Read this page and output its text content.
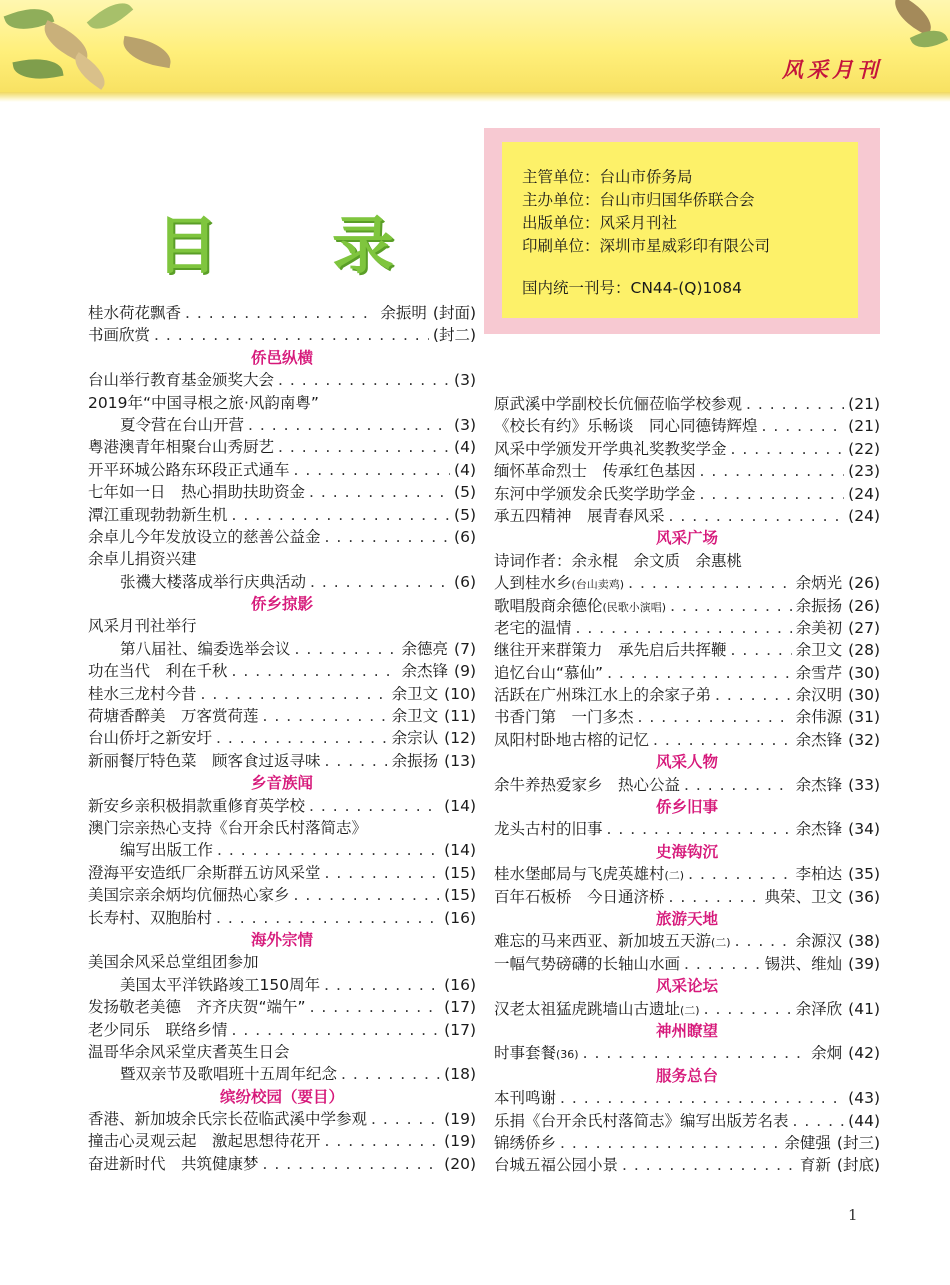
风采月刊
目 录
主管单位：台山市侨务局
主办单位：台山市归国华侨联合会
出版单位：风采月刊社
印刷单位：深圳市星威彩印有限公司
国内统一刊号：CN44-(Q)1084
桂水荷花飘香 . . .	余振明 (封面)
书画欣赏 . . .	(封二)
侨邑纵横
台山举行教育基金颁奖大会 . . .	(3)
2019年“中国寻根之旅·风韵南粤”
夏令营在台山开营 . . .	(3)
粤港澳青年相聚台山秀厨艺 . . .	(4)
开平环城公路东环段正式通车 . . .	(4)
七年如一日　热心捐助扶助资金 . . .	(5)
潭江重现勃勃新生机 . . .	(5)
余卓儿今年发放设立的慈善公益金 . . .	(6)
余卓儿捐资兴建
张禨大楼落成举行庆典活动 . . .	(6)
侨乡掠影
风采月刊社举行
第八届社、编委选举会议 . . .	余德亮 (7)
功在当代　利在千秋 . . .	余杰锋 (9)
桂水三龙村今昔 . . .	余卫文 (10)
荷塘香醉美　万客赏荷莲 . . .	余卫文 (11)
台山侨圩之新安圩 . . .	余宗认 (12)
新丽餐厅特色菜　顾客食过返寻味 . . .	余振扬 (13)
乡音族闻
新安乡亲积极捐款重修育英学校 . . .	(14)
澳门宗亲热心支持《台开余氏村落简志》
编写出版工作 . . .	(14)
澄海平安造纸厂余斯群五访风采堂 . . .	(15)
美国宗亲余炳均伉俪热心家乡 . . .	(15)
长寿村、双胞胎村 . . .	(16)
海外宗情
美国余风采总堂组团参加
美国太平洋铁路竣工150周年 . . .	(16)
发扬敬老美德　齐齐庆贺“端午” . . .	(17)
老少同乐　联络乡情 . . .	(17)
温哥华余风采堂庆耆英生日会
暨双亲节及歌唱班十五周年纪念 . . .	(18)
缤纷校园（要目）
香港、新加坡余氏宗长莅临武溪中学参观 . . .	(19)
撞击心灵观云起　激起思想待花开 . . .	(19)
奋进新时代　共筑健康梦 . . .	(20)
原武溪中学副校长伉俪莅临学校参观 . . .	(21)
《校长有约》乐畅谈　同心同德铸辉煌 . . .	(21)
风采中学颁发开学典礼奖教奖学金 . . .	(22)
缅怀革命烈士　传承红色基因 . . .	(23)
东河中学颁发余氏奖学助学金 . . .	(24)
承五四精神　展青春风采 . . .	(24)
风采广场
诗词作者：余永棍　余文质　余惠桃
人到桂水乡(台山卖鸡) . . .	余炳光 (26)
歌唱殷商余德伦(民歌小演唱) . . .	余振扬 (26)
老宅的温情 . . .	余美初 (27)
继往开来群策力　承先启后共挥鞭 . . .	余卫文 (28)
追忆台山“慕仙” . . .	余雪芹 (30)
活跃在广州珠江水上的余家子弟 . . .	余汉明 (30)
书香门第　一门多杰 . . .	余伟源 (31)
凤阳村卧地古榕的记忆 . . .	余杰锋 (32)
风采人物
余牛养热爱家乡　热心公益 . . .	余杰锋 (33)
侨乡旧事
龙头古村的旧事 . . .	余杰锋 (34)
史海钩沉
桂水堡邮局与飞虎英雄村(二) . . .	李柏达 (35)
百年石板桥　今日通济桥 . . .	典荣、卫文 (36)
旅游天地
难忘的马来西亚、新加坡五天游(二) . . .	余源汉 (38)
一幅气势磅礴的长轴山水画 . . .	锡洪、维灿 (39)
风采论坛
汉老太祖猛虎跳墙山古遗址(二) . . .	余泽欣 (41)
神州瞭望
时事套餐(36) . . .	余炯 (42)
服务总台
本刊鸣谢 . . .	(43)
乐捐《台开余氏村落简志》编写出版芳名表 . . .	(44)
锦绣侨乡 . . .	余健强 (封三)
台城五福公园小景 . . .	育新 (封底)
1
